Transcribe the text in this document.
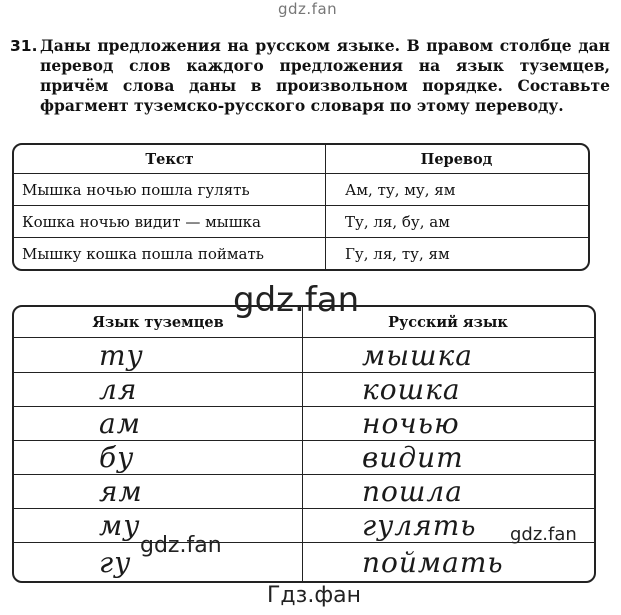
gdz.fan
31. Даны предложения на русском языке. В правом столбце дан перевод слов каждого предложения на язык туземцев, причём слова даны в произвольном порядке. Составьте фрагмент туземско-русского словаря по этому переводу.
Текст	Перевод
Мышка ночью пошла гулять	Ам, ту, му, ям
Кошка ночью видит — мышка	Ту, ля, бу, ам
Мышку кошка пошла поймать	Гу, ля, ту, ям
gdz.fan
Язык туземцев	Русский язык
ту	мышка
ля	кошка
ам	ночью
бу	видит
ям	пошла
му	гулять
гу	поймать
gdz.fan	gdz.fan
Гдз.фан
